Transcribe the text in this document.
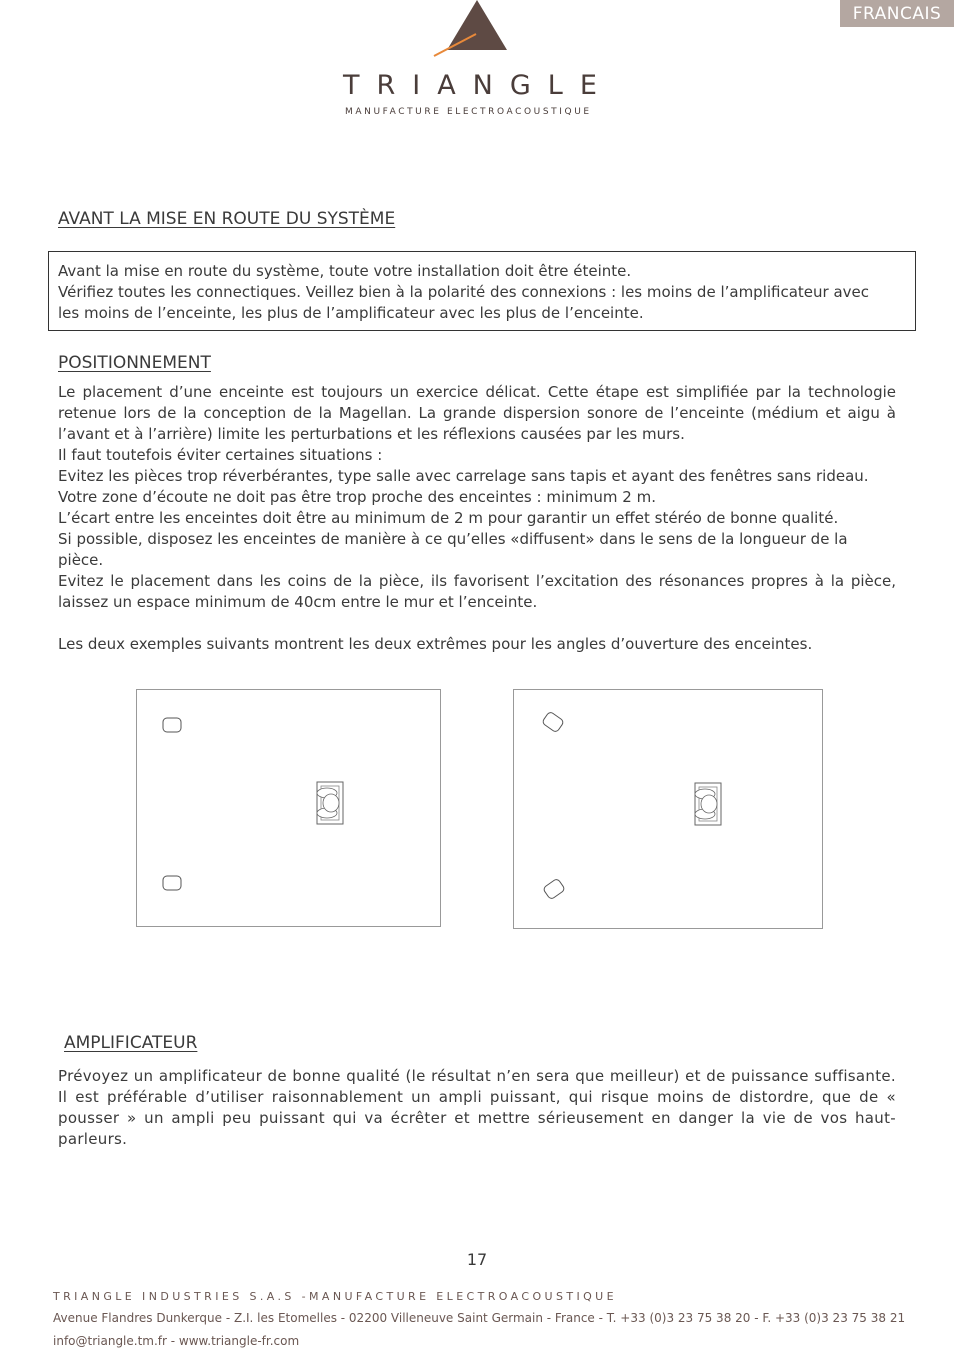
FRANCAIS
TRIANGLE
MANUFACTURE ELECTROACOUSTIQUE
AVANT LA MISE EN ROUTE DU SYSTÈME

Avant la mise en route du système, toute votre installation doit être éteinte.

Vérifiez toutes les connectiques. Veillez bien à la polarité des connexions : les moins de l’amplificateur avec

les moins de l’enceinte, les plus de l’amplificateur avec les plus de l’enceinte.

POSITIONNEMENT

Le placement d’une enceinte est toujours un exercice délicat. Cette étape est simplifiée par la technologie retenue lors de la conception de la Magellan. La grande dispersion sonore de l’enceinte (médium et aigu à l’avant et à l’arrière) limite les perturbations et les réflexions causées par les murs.

Il faut toutefois éviter certaines situations :

Evitez les pièces trop réverbérantes, type salle avec carrelage sans tapis et ayant des fenêtres sans rideau.

Votre zone d’écoute ne doit pas être trop proche des enceintes : minimum 2 m.

L’écart entre les enceintes doit être au minimum de 2 m pour garantir un effet stéréo de bonne qualité.

Si possible, disposez les enceintes de manière à ce qu’elles «diffusent» dans le sens de la longueur de la pièce.

Evitez le placement dans les coins de la pièce, ils favorisent l’excitation des résonances propres à la pièce, laissez un espace minimum de 40cm entre le mur et l’enceinte.

Les deux exemples suivants montrent les deux extrêmes pour les angles d’ouverture des enceintes.

AMPLIFICATEUR

Prévoyez un amplificateur de bonne qualité (le résultat n’en sera que meilleur) et de puissance suffisante. Il est préférable d’utiliser raisonnablement un ampli puissant, qui risque moins de distordre, que de « pousser » un ampli peu puissant qui va écrêter et mettre sérieusement en danger la vie de vos haut-parleurs.

17
TRIANGLE INDUSTRIES S.A.S -MANUFACTURE ELECTROACOUSTIQUE
Avenue Flandres Dunkerque - Z.I. les Etomelles - 02200 Villeneuve Saint Germain - France - T. +33 (0)3 23 75 38 20 - F. +33 (0)3 23 75 38 21
info@triangle.tm.fr - www.triangle-fr.com
